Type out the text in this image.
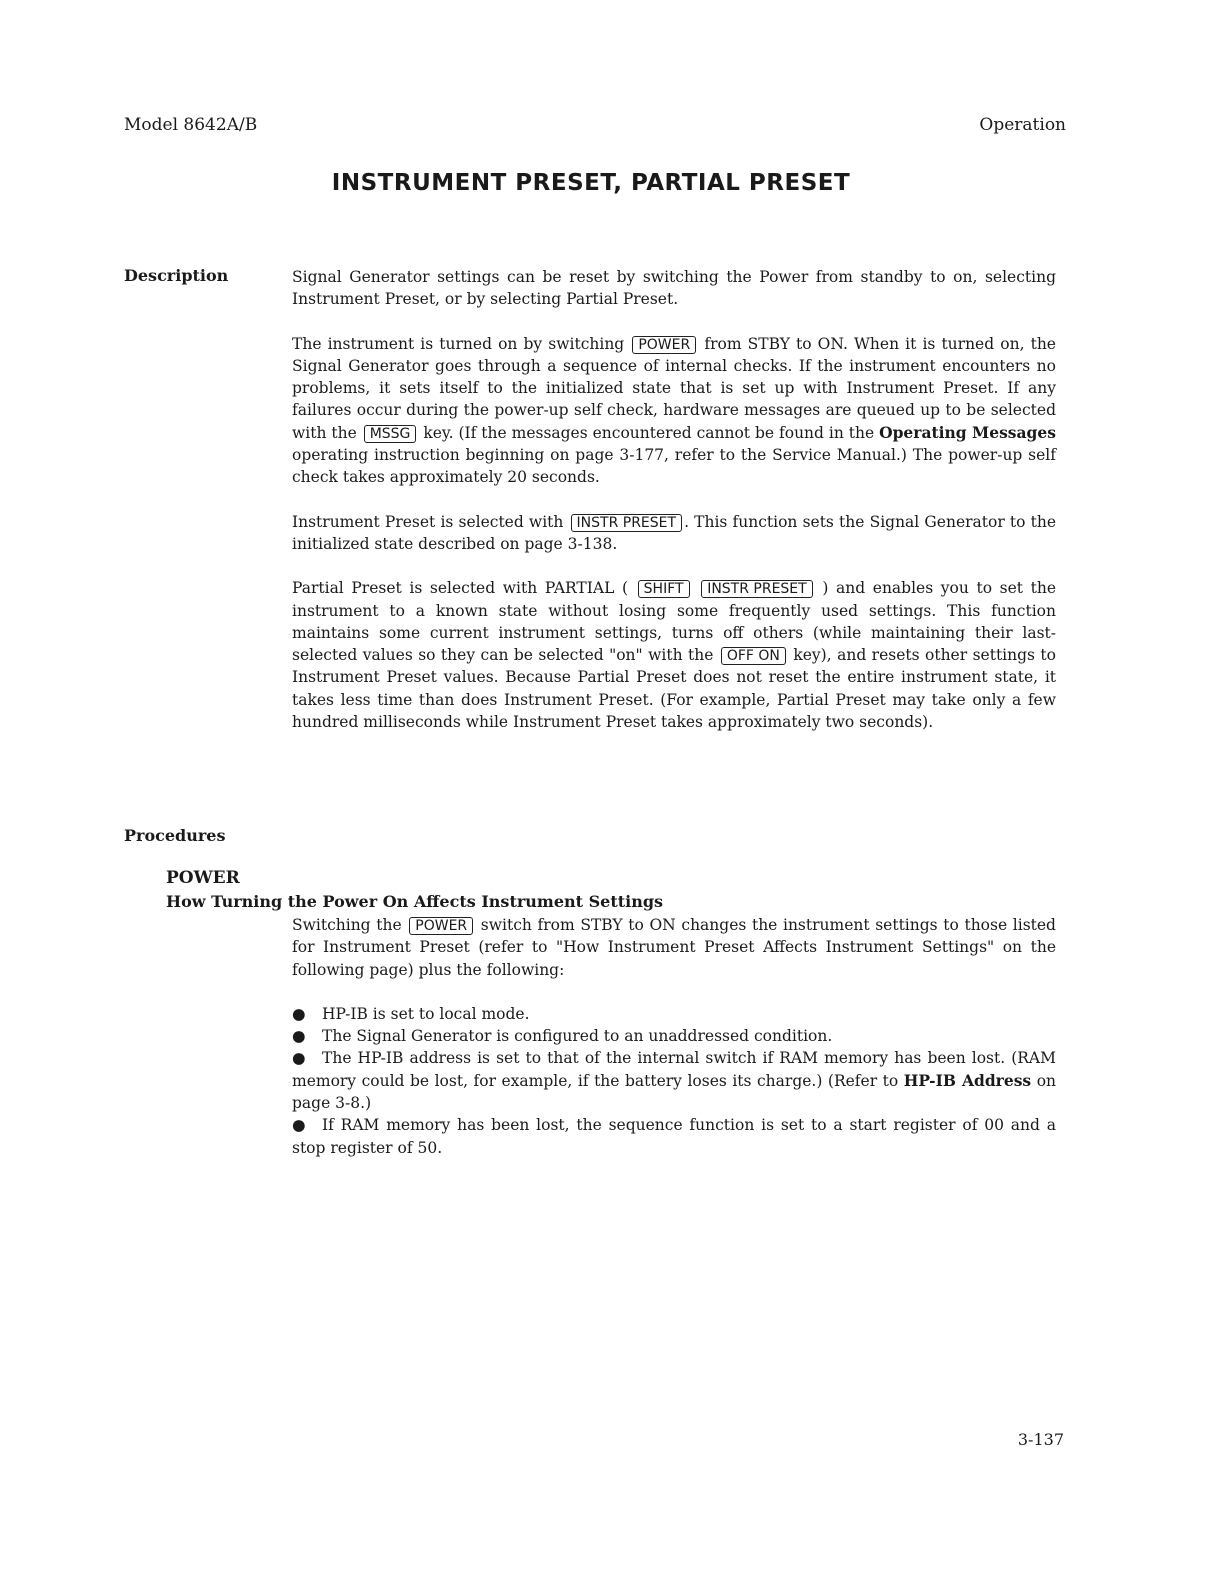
Model 8642A/B	Operation
INSTRUMENT PRESET, PARTIAL PRESET
Description	Signal Generator settings can be reset by switching the Power from standby to on, selecting Instrument Preset, or by selecting Partial Preset.

The instrument is turned on by switching POWER from STBY to ON. When it is turned on, the Signal Generator goes through a sequence of internal checks. If the instrument encounters no problems, it sets itself to the initialized state that is set up with Instrument Preset. If any failures occur during the power-up self check, hardware messages are queued up to be selected with the MSSG key. (If the messages encountered cannot be found in the Operating Messages operating instruction beginning on page 3-177, refer to the Service Manual.) The power-up self check takes approximately 20 seconds.

Instrument Preset is selected with INSTR PRESET . This function sets the Signal Generator to the initialized state described on page 3-138.

Partial Preset is selected with PARTIAL ( SHIFT INSTR PRESET ) and enables you to set the instrument to a known state without losing some frequently used settings. This function maintains some current instrument settings, turns off others (while maintaining their last-selected values so they can be selected "on" with the OFF ON key), and resets other settings to Instrument Preset values. Because Partial Preset does not reset the entire instrument state, it takes less time than does Instrument Preset. (For example, Partial Preset may take only a few hundred milliseconds while Instrument Preset takes approximately two seconds).

Procedures
POWER
How Turning the Power On Affects Instrument Settings

Switching the POWER switch from STBY to ON changes the instrument settings to those listed for Instrument Preset (refer to "How Instrument Preset Affects Instrument Settings" on the following page) plus the following:

● HP-IB is set to local mode.

● The Signal Generator is configured to an unaddressed condition.

● The HP-IB address is set to that of the internal switch if RAM memory has been lost. (RAM memory could be lost, for example, if the battery loses its charge.) (Refer to HP-IB Address on page 3-8.)

● If RAM memory has been lost, the sequence function is set to a start register of 00 and a stop register of 50.

3-137
